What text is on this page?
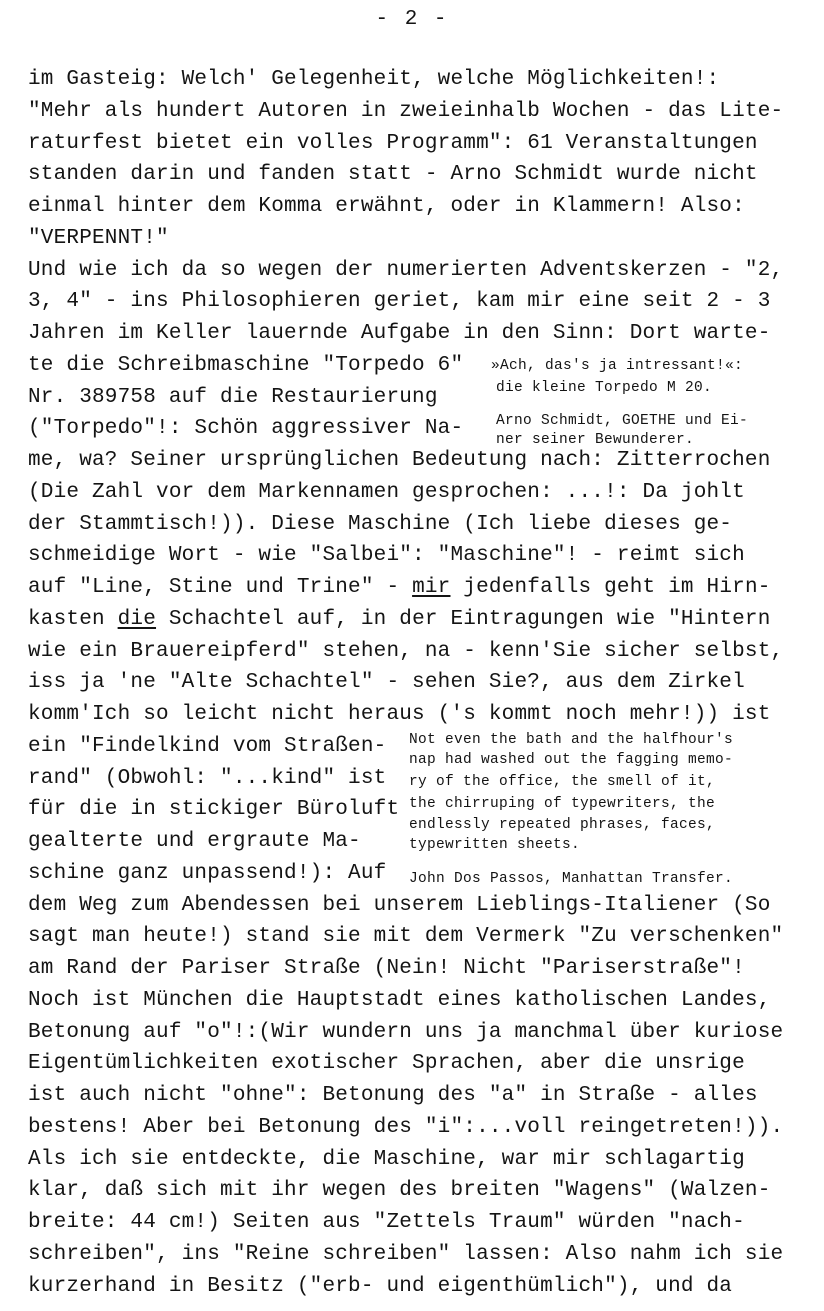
- 2 -
im Gasteig: Welch' Gelegenheit, welche Möglichkeiten!:
"Mehr als hundert Autoren in zweieinhalb Wochen - das Lite-
raturfest bietet ein volles Programm": 61 Veranstaltungen
standen darin und fanden statt - Arno Schmidt wurde nicht
einmal hinter dem Komma erwähnt, oder in Klammern! Also:
"VERPENNT!"
Und wie ich da so wegen der numerierten Adventskerzen - "2,
3, 4" - ins Philosophieren geriet, kam mir eine seit 2 - 3
Jahren im Keller lauernde Aufgabe in den Sinn: Dort warte-
te die Schreibmaschine "Torpedo 6"
Nr. 389758 auf die Restaurierung
("Torpedo"!: Schön aggressiver Na-
me, wa? Seiner ursprünglichen Bedeutung nach: Zitterrochen
(Die Zahl vor dem Markennamen gesprochen: ...!: Da johlt
der Stammtisch!)). Diese Maschine (Ich liebe dieses ge-
schmeidige Wort - wie "Salbei": "Maschine"! - reimt sich
auf "Line, Stine und Trine" - mir jedenfalls geht im Hirn-
kasten die Schachtel auf, in der Eintragungen wie "Hintern
wie ein Brauereipferd" stehen, na - kenn'Sie sicher selbst,
iss ja 'ne "Alte Schachtel" - sehen Sie?, aus dem Zirkel
komm'Ich so leicht nicht heraus ('s kommt noch mehr!)) ist
ein "Findelkind vom Straßen-
rand" (Obwohl: "...kind" ist
für die in stickiger Büroluft
gealterte und ergraute Ma-
schine ganz unpassend!): Auf
dem Weg zum Abendessen bei unserem Lieblings-Italiener (So
sagt man heute!) stand sie mit dem Vermerk "Zu verschenken"
am Rand der Pariser Straße (Nein! Nicht "Pariserstraße"!
Noch ist München die Hauptstadt eines katholischen Landes,
Betonung auf "o"!:(Wir wundern uns ja manchmal über kuriose
Eigentümlichkeiten exotischer Sprachen, aber die unsrige
ist auch nicht "ohne": Betonung des "a" in Straße - alles
bestens! Aber bei Betonung des "i":...voll reingetreten!)).
Als ich sie entdeckte, die Maschine, war mir schlagartig
klar, daß sich mit ihr wegen des breiten "Wagens" (Walzen-
breite: 44 cm!) Seiten aus "Zettels Traum" würden "nach-
schreiben", ins "Reine schreiben" lassen: Also nahm ich sie
kurzerhand in Besitz ("erb- und eigenthümlich"), und da
»Ach, das's ja intressant!«:
die kleine Torpedo M 20.
Arno Schmidt, GOETHE und Ei-
ner seiner Bewunderer.
Not even the bath and the halfhour's
nap had washed out the fagging memo-
ry of the office, the smell of it,
the chirruping of typewriters, the
endlessly repeated phrases, faces,
typewritten sheets.
John Dos Passos, Manhattan Transfer.
